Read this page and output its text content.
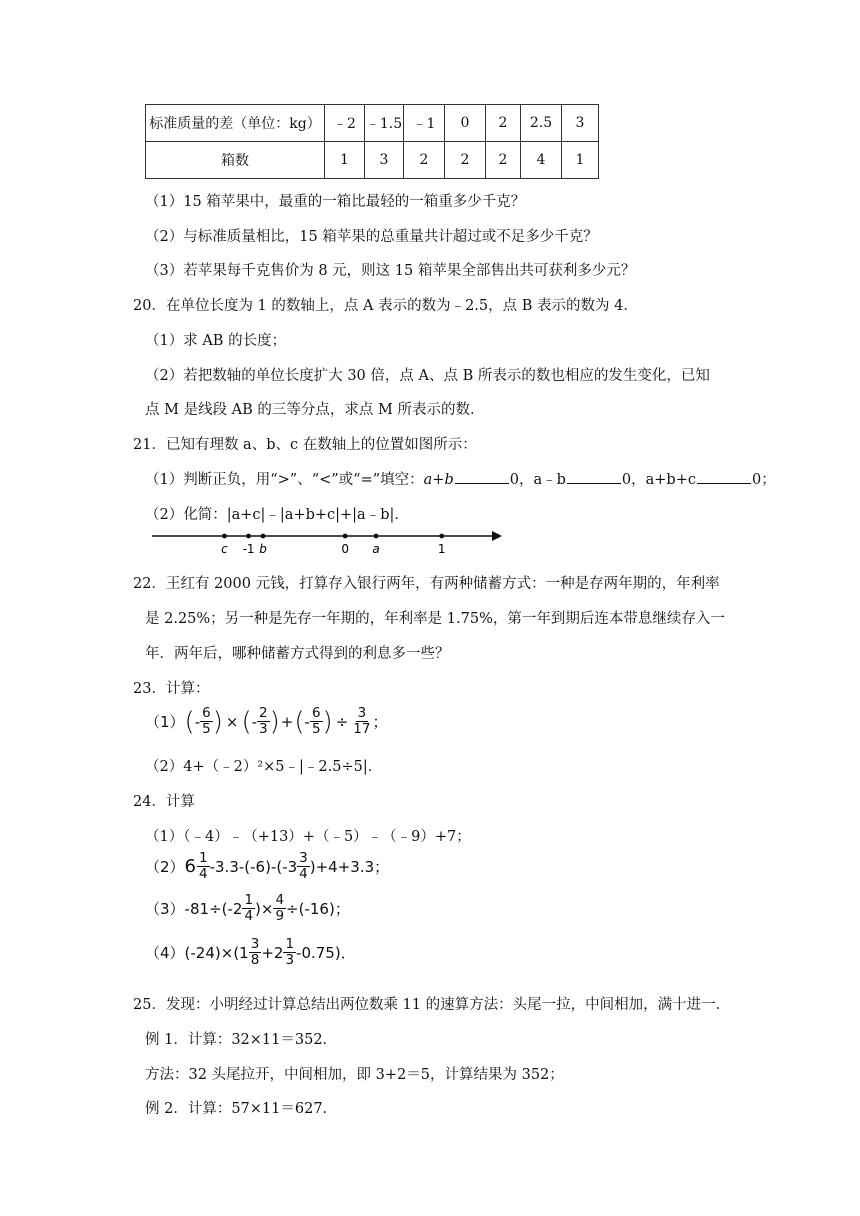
标准质量的差（单位：kg）	﹣2	﹣1.5	﹣1	0	2	2.5	3
箱数	1	3	2	2	2	4	1
（1）15 箱苹果中，最重的一箱比最轻的一箱重多少千克？
（2）与标准质量相比，15 箱苹果的总重量共计超过或不足多少千克？
（3）若苹果每千克售价为 8 元，则这 15 箱苹果全部售出共可获利多少元？
20．在单位长度为 1 的数轴上，点 A 表示的数为﹣2.5，点 B 表示的数为 4．
（1）求 AB 的长度；
（2）若把数轴的单位长度扩大 30 倍，点 A、点 B 所表示的数也相应的发生变化，已知
点 M 是线段 AB 的三等分点，求点 M 所表示的数．
21．已知有理数 a、b、c 在数轴上的位置如图所示：
（1）判断正负，用“>”、“<”或“=”填空：a+b	0，a﹣b	0，a+b+c	0；
（2）化简：|a+c|﹣|a+b+c|+|a﹣b|．
c -1 b	0 a	1
22．王红有 2000 元钱，打算存入银行两年，有两种储蓄方式：一种是存两年期的，年利率
是 2.25%；另一种是先存一年期的，年利率是 1.75%，第一年到期后连本带息继续存入一
年．两年后，哪种储蓄方式得到的利息多一些？
23．计算：
（1） ( - $\frac{6}{5}$ ) × ( - $\frac{2}{3}$ ) + ( - $\frac{6}{5}$ ) ÷ $\frac{3}{17}$ ；
（2）4+（﹣2）²×5﹣|﹣2.5÷5|．
24．计算
（1）（﹣4）﹣（+13）+（﹣5）﹣（﹣9）+7；
（2） $6 \frac{1}{4} -3.3-(-6)-(-3 \frac{3}{4} )+4+3.3$；
（3） $-81\div(-2 \frac{1}{4}$ )× $\frac{4}{9} \div(-16)$；
（4） $(-24)\times(1 \frac{3}{8} +2 \frac{1}{3} -0.75)$．
25．发现：小明经过计算总结出两位数乘 11 的速算方法：头尾一拉，中间相加，满十进一．
例 1．计算：32×11＝352．
方法：32 头尾拉开，中间相加，即 3+2＝5，计算结果为 352；
例 2．计算：57×11＝627．
